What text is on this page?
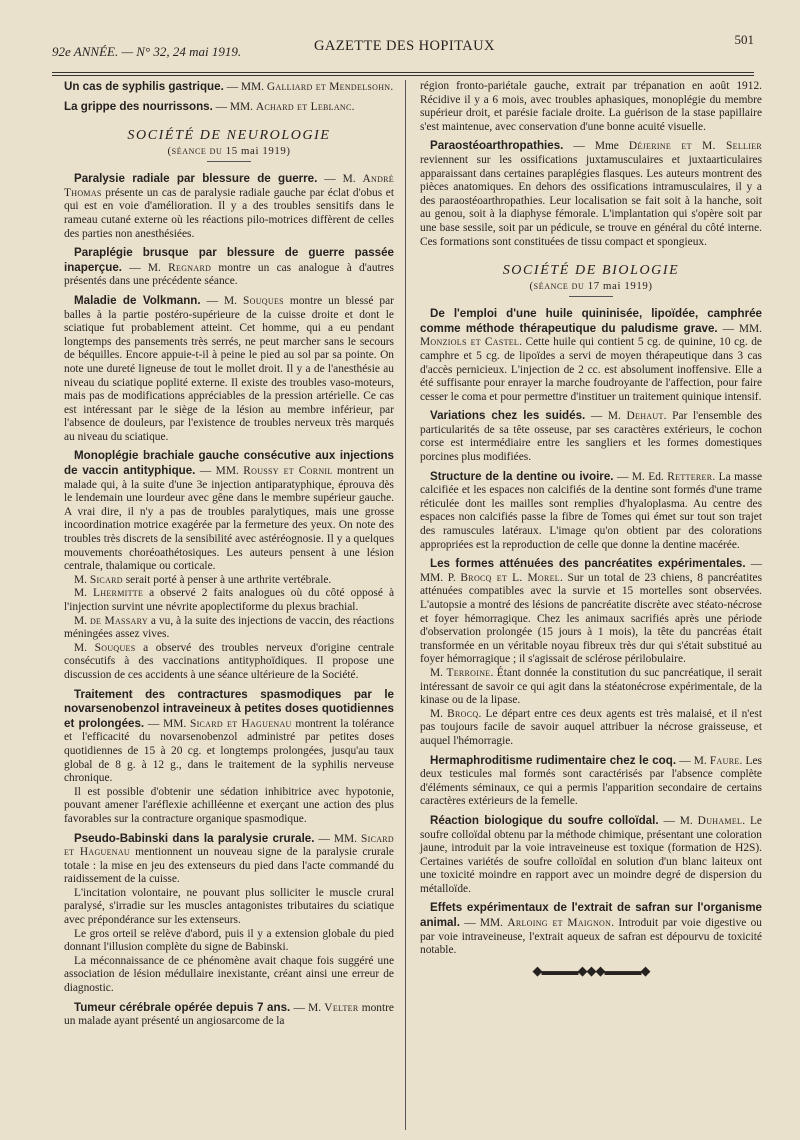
92e ANNÉE. — N° 32, 24 mai 1919.	GAZETTE DES HOPITAUX	501

Un cas de syphilis gastrique. — MM. Galliard et Mendelsohn.

La grippe des nourrissons. — MM. Achard et Leblanc.

SOCIÉTÉ DE NEUROLOGIE
(séance du 15 mai 1919)

Paralysie radiale par blessure de guerre. — M. André Thomas présente un cas de paralysie radiale gauche par éclat d'obus et qui est en voie d'amélioration. Il y a des troubles sensitifs dans le rameau cutané externe où les réactions pilo-motrices diffèrent de celles des parties non anesthésiées.

Paraplégie brusque par blessure de guerre passée inaperçue. — M. Regnard montre un cas analogue à d'autres présentés dans une précédente séance.

Maladie de Volkmann. — M. Souques montre un blessé par balles à la partie postéro-supérieure de la cuisse droite et dont le sciatique fut probablement atteint. Cet homme, qui a eu pendant longtemps des pansements très serrés, ne peut marcher sans le secours de béquilles. Encore appuie-t-il à peine le pied au sol par sa pointe. On note une dureté ligneuse de tout le mollet droit. Il y a de l'anesthésie au niveau du sciatique poplité externe. Il existe des troubles vaso-moteurs, mais pas de modifications appréciables de la pression artérielle. Ce cas est intéressant par le siège de la lésion au membre inférieur, par l'absence de douleurs, par l'existence de troubles nerveux très marqués au niveau du sciatique.

Monoplégie brachiale gauche consécutive aux injections de vaccin antityphique. — MM. Roussy et Cornil montrent un malade qui, à la suite d'une 3e injection antiparatyphique, éprouva dès le lendemain une lourdeur avec gêne dans le membre supérieur gauche. A vrai dire, il n'y a pas de troubles paralytiques, mais une grosse incoordination motrice exagérée par la fermeture des yeux. On note des troubles très discrets de la sensibilité avec astéréognosie. Il y a quelques mouvements choréoathétosiques. Les auteurs pensent à une lésion centrale, thalamique ou corticale.

M. Sicard serait porté à penser à une arthrite vertébrale.

M. Lhermitte a observé 2 faits analogues où du côté opposé à l'injection survint une névrite apoplectiforme du plexus brachial.

M. de Massary a vu, à la suite des injections de vaccin, des réactions méningées assez vives.

M. Souques a observé des troubles nerveux d'origine centrale consécutifs à des vaccinations antityphoïdiques. Il propose une discussion de ces accidents à une séance ultérieure de la Société.

Traitement des contractures spasmodiques par le novarsenobenzol intraveineux à petites doses quotidiennes et prolongées. — MM. Sicard et Haguenau montrent la tolérance et l'efficacité du novarsenobenzol administré par petites doses quotidiennes de 15 à 20 cg. et longtemps prolongées, jusqu'au taux global de 8 g. à 12 g., dans le traitement de la syphilis nerveuse chronique.

Il est possible d'obtenir une sédation inhibitrice avec hypotonie, pouvant amener l'aréflexie achilléenne et exerçant une action des plus favorables sur la contracture organique spasmodique.

Pseudo-Babinski dans la paralysie crurale. — MM. Sicard et Haguenau mentionnent un nouveau signe de la paralysie crurale totale : la mise en jeu des extenseurs du pied dans l'acte commandé du raidissement de la cuisse.

L'incitation volontaire, ne pouvant plus solliciter le muscle crural paralysé, s'irradie sur les muscles antagonistes tributaires du sciatique avec prépondérance sur les extenseurs.

Le gros orteil se relève d'abord, puis il y a extension globale du pied donnant l'illusion complète du signe de Babinski.

La méconnaissance de ce phénomène avait chaque fois suggéré une association de lésion médullaire inexistante, créant ainsi une erreur de diagnostic.

Tumeur cérébrale opérée depuis 7 ans. — M. Velter montre un malade ayant présenté un angiosarcome de la

région fronto-pariétale gauche, extrait par trépanation en août 1912. Récidive il y a 6 mois, avec troubles aphasiques, monoplégie du membre supérieur droit, et parésie faciale droite. La guérison de la stase papillaire s'est maintenue, avec conservation d'une bonne acuité visuelle.

Paraostéoarthropathies. — Mme Déjerine et M. Sellier reviennent sur les ossifications juxtamusculaires et juxtaarticulaires apparaissant dans certaines paraplégies flasques. Les auteurs montrent des pièces anatomiques. En dehors des ossifications intramusculaires, il y a des paraostéoarthropathies. Leur localisation se fait soit à la hanche, soit au genou, soit à la diaphyse fémorale. L'implantation qui s'opère soit par une base sessile, soit par un pédicule, se trouve en général du côté interne. Ces formations sont constituées de tissu compact et spongieux.

SOCIÉTÉ DE BIOLOGIE
(séance du 17 mai 1919)

De l'emploi d'une huile quininisée, lipoïdée, camphrée comme méthode thérapeutique du paludisme grave. — MM. Monziols et Castel. Cette huile qui contient 5 cg. de quinine, 10 cg. de camphre et 5 cg. de lipoïdes a servi de moyen thérapeutique dans 3 cas d'accès pernicieux. L'injection de 2 cc. est absolument inoffensive. Elle a été suffisante pour enrayer la marche foudroyante de l'affection, pour faire cesser le coma et pour permettre d'instituer un traitement quinique intensif.

Variations chez les suidés. — M. Dehaut. Par l'ensemble des particularités de sa tête osseuse, par ses caractères extérieurs, le cochon corse est intermédiaire entre les sangliers et les formes domestiques porcines plus modifiées.

Structure de la dentine ou ivoire. — M. Ed. Retterer. La masse calcifiée et les espaces non calcifiés de la dentine sont formés d'une trame réticulée dont les mailles sont remplies d'hyaloplasma. Au centre des espaces non calcifiés passe la fibre de Tomes qui émet sur tout son trajet des ramuscules latéraux. L'image qu'on obtient par des colorations appropriées est la reproduction de celle que donne la dentine macérée.

Les formes atténuées des pancréatites expérimentales. — MM. P. Brocq et L. Morel. Sur un total de 23 chiens, 8 pancréatites atténuées compatibles avec la survie et 15 mortelles sont observées. L'autopsie a montré des lésions de pancréatite discrète avec stéato-nécrose et foyer hémorragique. Chez les animaux sacrifiés après une période d'observation prolongée (15 jours à 1 mois), la tête du pancréas était transformée en un véritable noyau fibreux très dur qui s'était substitué au foyer hémorragique ; il s'agissait de sclérose périlobulaire.

M. Terroine. Étant donnée la constitution du suc pancréatique, il serait intéressant de savoir ce qui agit dans la stéatonécrose expérimentale, de la kinase ou de la lipase.

M. Brocq. Le départ entre ces deux agents est très malaisé, et il n'est pas toujours facile de savoir auquel attribuer la nécrose graisseuse, et auquel l'hémorragie.

Hermaphroditisme rudimentaire chez le coq. — M. Faure. Les deux testicules mal formés sont caractérisés par l'absence complète d'éléments séminaux, ce qui a permis l'apparition secondaire de certains caractères extérieurs de la femelle.

Réaction biologique du soufre colloïdal. — M. Duhamel. Le soufre colloïdal obtenu par la méthode chimique, présentant une coloration jaune, introduit par la voie intraveineuse est toxique (formation de H2S). Certaines variétés de soufre colloïdal en solution d'un blanc laiteux ont une toxicité moindre en rapport avec un moindre degré de dispersion du métalloïde.

Effets expérimentaux de l'extrait de safran sur l'organisme animal. — MM. Arloing et Maignon. Introduit par voie digestive ou par voie intraveineuse, l'extrait aqueux de safran est dépourvu de toxicité notable.

◆▬▬▬◆◆◆▬▬▬◆
